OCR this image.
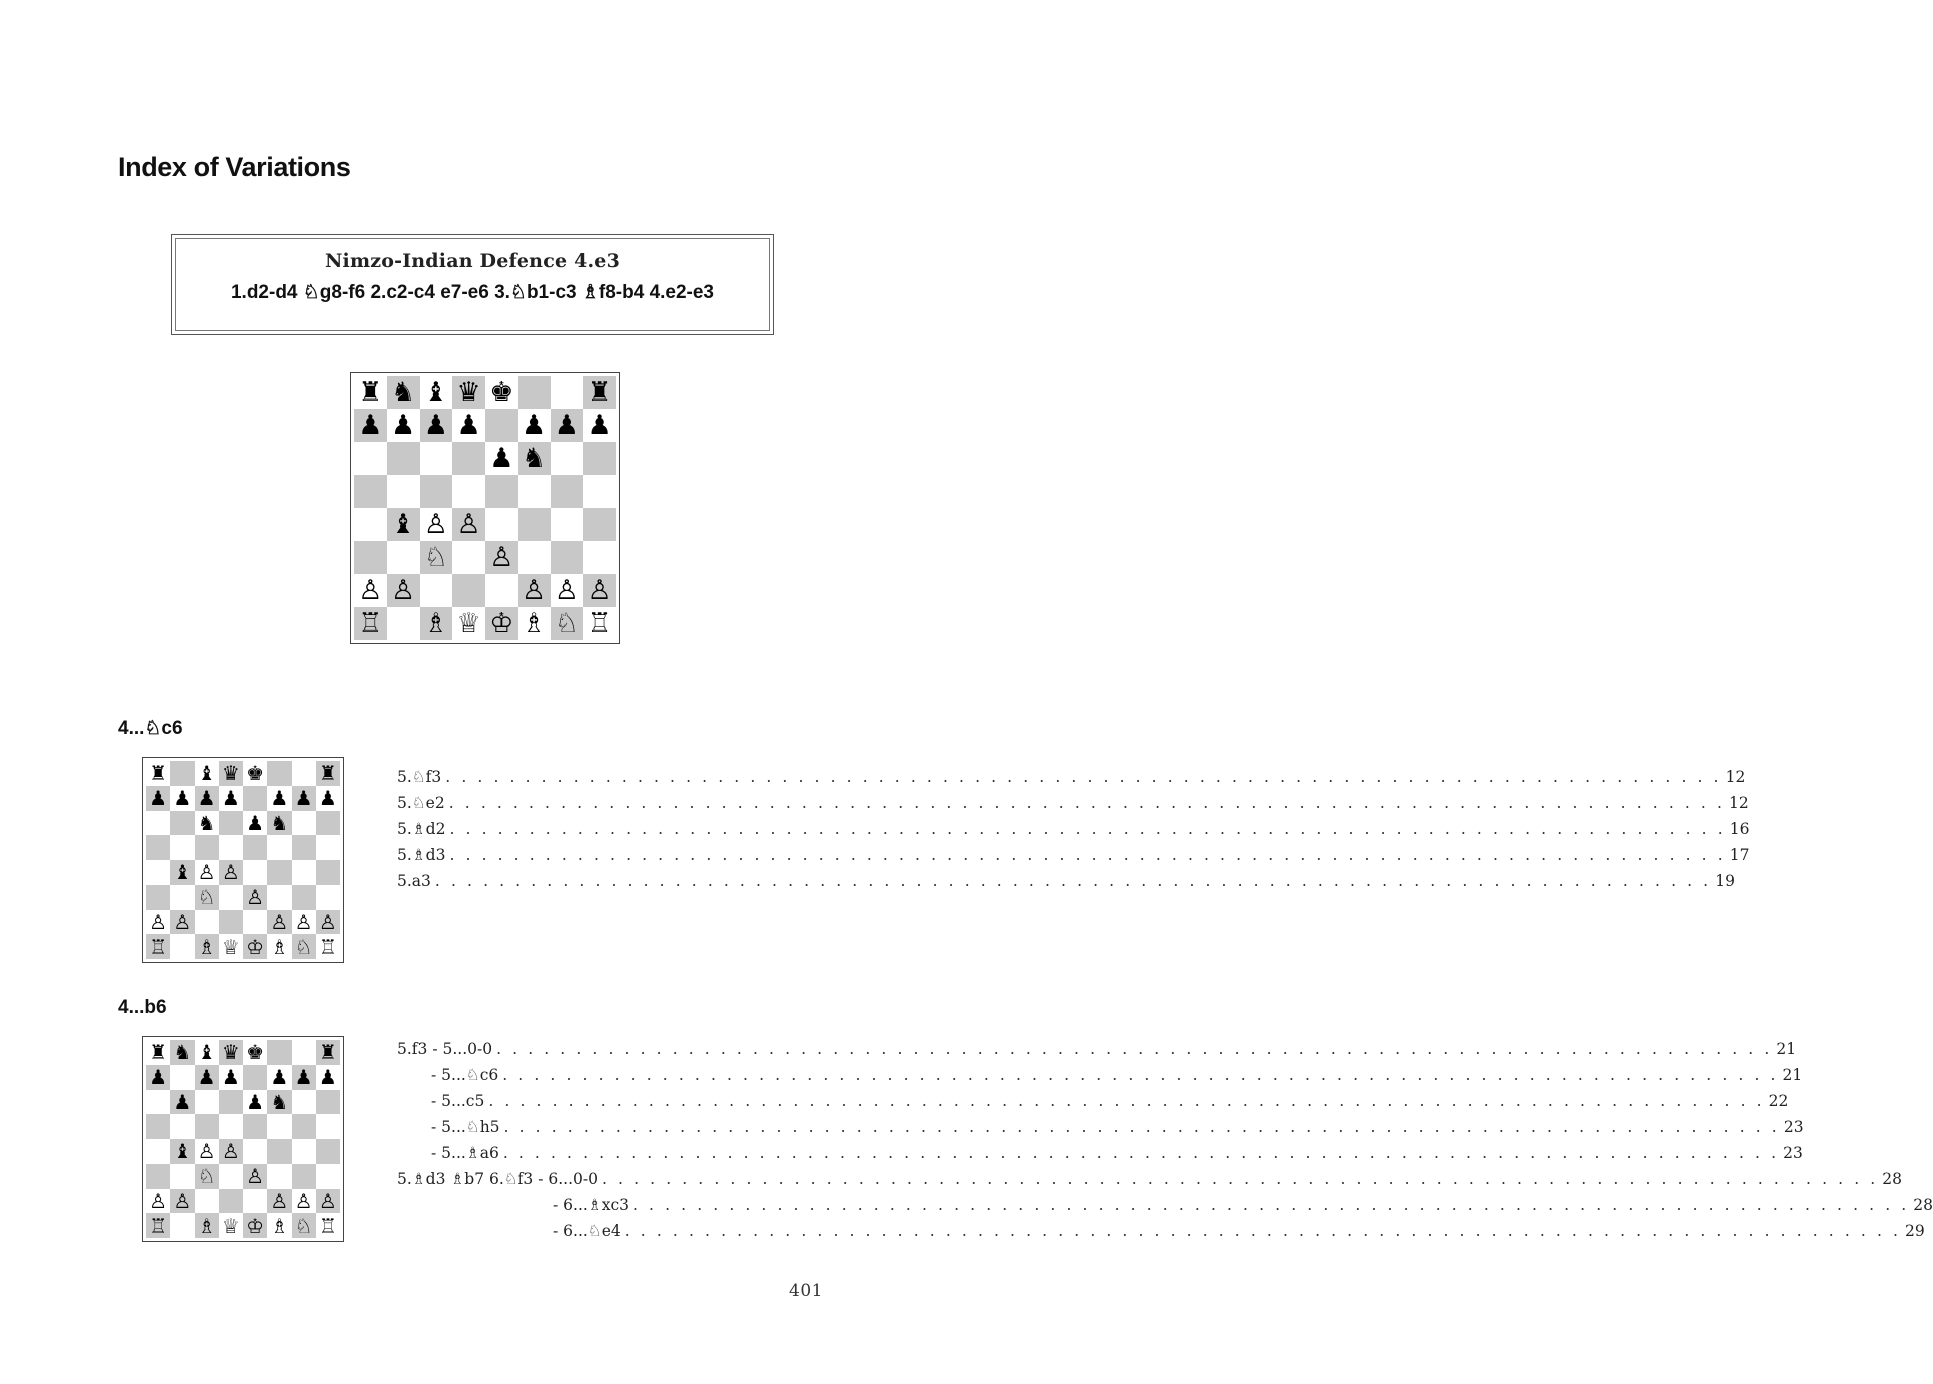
Index of Variations
Nimzo-Indian Defence 4.e3
1.d2-d4 ♘g8-f6 2.c2-c4 e7-e6 3.♘b1-c3 ♗f8-b4 4.e2-e3
♜︎ ♞︎ ♝︎ ♛︎ ♚︎	♜︎
♟︎ ♟︎ ♟︎ ♟︎ ♟︎ ♟︎ ♟︎
♟︎ ♞︎
♝︎ ♙︎ ♙︎
♘︎ ♙︎
♙︎ ♙︎	♙︎ ♙︎ ♙︎
♖︎ ♗︎ ♕︎ ♔︎ ♗︎ ♘︎ ♖︎
4...♘c6
♜︎ ♝︎ ♛︎ ♚︎	♜︎
♟︎ ♟︎ ♟︎ ♟︎ ♟︎ ♟︎ ♟︎
♞︎ ♟︎ ♞︎
♝︎ ♙︎ ♙︎
♘︎ ♙︎
♙︎ ♙︎	♙︎ ♙︎ ♙︎
♖︎ ♗︎ ♕︎ ♔︎ ♗︎ ♘︎ ♖︎
5.♘f3 . . . . . . . . . . . . . . . . . . . . . . . . . . . . . . . . . . . . . . . . . . . . . . . . . . . . . . . . . . . . . . . . . . . . . . . . . . . . . . . . 12
5.♘e2 . . . . . . . . . . . . . . . . . . . . . . . . . . . . . . . . . . . . . . . . . . . . . . . . . . . . . . . . . . . . . . . . . . . . . . . . . . . . . . . . 12
5.♗d2 . . . . . . . . . . . . . . . . . . . . . . . . . . . . . . . . . . . . . . . . . . . . . . . . . . . . . . . . . . . . . . . . . . . . . . . . . . . . . . . . 16
5.♗d3 . . . . . . . . . . . . . . . . . . . . . . . . . . . . . . . . . . . . . . . . . . . . . . . . . . . . . . . . . . . . . . . . . . . . . . . . . . . . . . . . 17
5.a3 . . . . . . . . . . . . . . . . . . . . . . . . . . . . . . . . . . . . . . . . . . . . . . . . . . . . . . . . . . . . . . . . . . . . . . . . . . . . . . . . 19
4...b6
♜︎ ♞︎ ♝︎ ♛︎ ♚︎	♜︎
♟︎ ♟︎ ♟︎ ♟︎ ♟︎ ♟︎
♟︎	♟︎ ♞︎
♝︎ ♙︎ ♙︎
♘︎ ♙︎
♙︎ ♙︎	♙︎ ♙︎ ♙︎
♖︎ ♗︎ ♕︎ ♔︎ ♗︎ ♘︎ ♖︎
5.f3 - 5...0-0 . . . . . . . . . . . . . . . . . . . . . . . . . . . . . . . . . . . . . . . . . . . . . . . . . . . . . . . . . . . . . . . . . . . . . . . . . . . . . . . . 21
- 5...♘c6 . . . . . . . . . . . . . . . . . . . . . . . . . . . . . . . . . . . . . . . . . . . . . . . . . . . . . . . . . . . . . . . . . . . . . . . . . . . . . . . . 21
- 5...c5 . . . . . . . . . . . . . . . . . . . . . . . . . . . . . . . . . . . . . . . . . . . . . . . . . . . . . . . . . . . . . . . . . . . . . . . . . . . . . . . . 22
- 5...♘h5 . . . . . . . . . . . . . . . . . . . . . . . . . . . . . . . . . . . . . . . . . . . . . . . . . . . . . . . . . . . . . . . . . . . . . . . . . . . . . . . . 23
- 5...♗a6 . . . . . . . . . . . . . . . . . . . . . . . . . . . . . . . . . . . . . . . . . . . . . . . . . . . . . . . . . . . . . . . . . . . . . . . . . . . . . . . . 23
5.♗d3 ♗b7 6.♘f3 - 6...0-0 . . . . . . . . . . . . . . . . . . . . . . . . . . . . . . . . . . . . . . . . . . . . . . . . . . . . . . . . . . . . . . . . . . . . . . . . . . . . . . . . 28
- 6...♗xc3 . . . . . . . . . . . . . . . . . . . . . . . . . . . . . . . . . . . . . . . . . . . . . . . . . . . . . . . . . . . . . . . . . . . . . . . . . . . . . . . . 28
- 6...♘e4 . . . . . . . . . . . . . . . . . . . . . . . . . . . . . . . . . . . . . . . . . . . . . . . . . . . . . . . . . . . . . . . . . . . . . . . . . . . . . . . . 29
401
